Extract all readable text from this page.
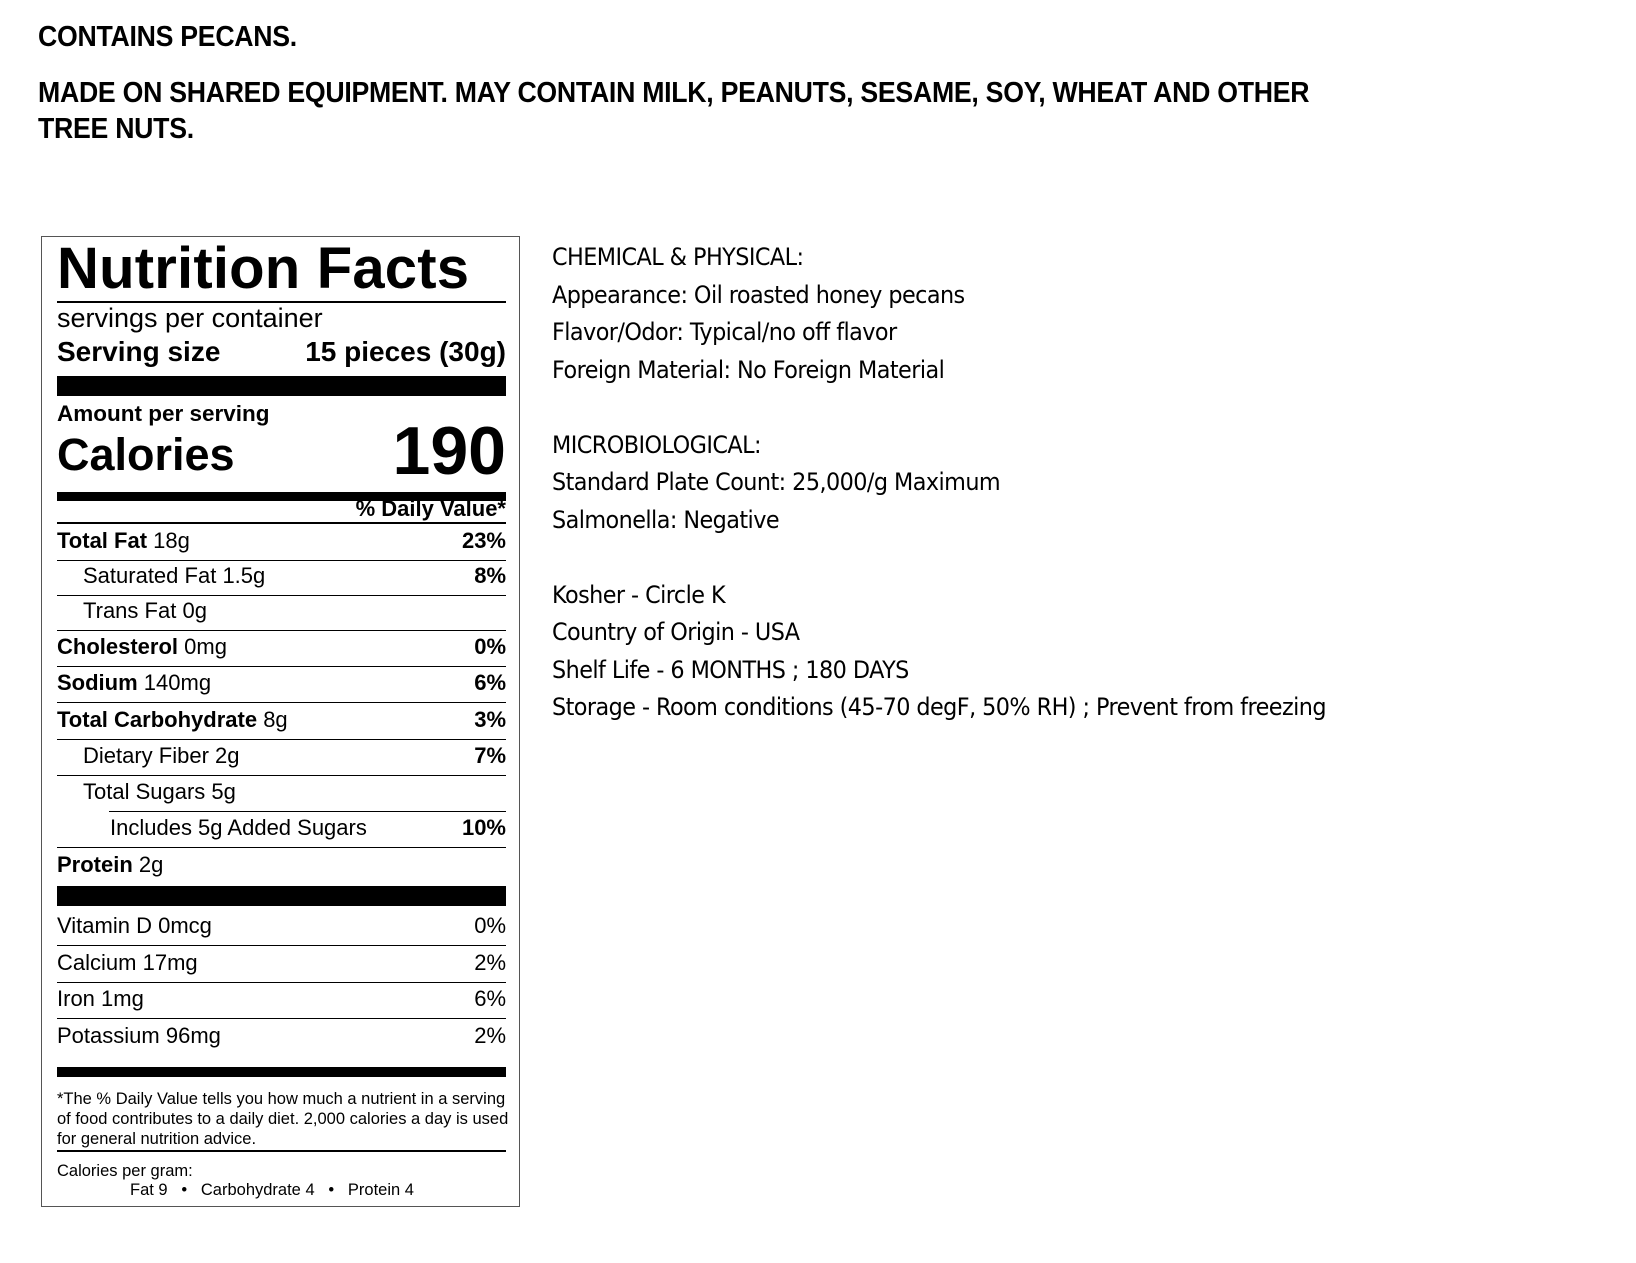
CONTAINS PECANS.
MADE ON SHARED EQUIPMENT. MAY CONTAIN MILK, PEANUTS, SESAME, SOY, WHEAT AND OTHER
TREE NUTS.
Nutrition Facts
servings per container
Serving size	15 pieces (30g)
Amount per serving
Calories 190
% Daily Value*
Total Fat 18g	23%
Saturated Fat 1.5g	8%
Trans Fat 0g
Cholesterol 0mg	0%
Sodium 140mg	6%
Total Carbohydrate 8g	3%
Dietary Fiber 2g	7%
Total Sugars 5g
Includes 5g Added Sugars	10%
Protein 2g
Vitamin D 0mcg	0%
Calcium 17mg	2%
Iron 1mg	6%
Potassium 96mg	2%
*The % Daily Value tells you how much a nutrient in a serving of food contributes to a daily diet. 2,000 calories a day is used for general nutrition advice.
Calories per gram:
Fat 9   •   Carbohydrate 4   •   Protein 4
CHEMICAL & PHYSICAL:
Appearance: Oil roasted honey pecans
Flavor/Odor: Typical/no off flavor
Foreign Material: No Foreign Material
MICROBIOLOGICAL:
Standard Plate Count: 25,000/g Maximum
Salmonella: Negative
Kosher - Circle K
Country of Origin - USA
Shelf Life - 6 MONTHS ; 180 DAYS
Storage - Room conditions (45-70 degF, 50% RH) ; Prevent from freezing
